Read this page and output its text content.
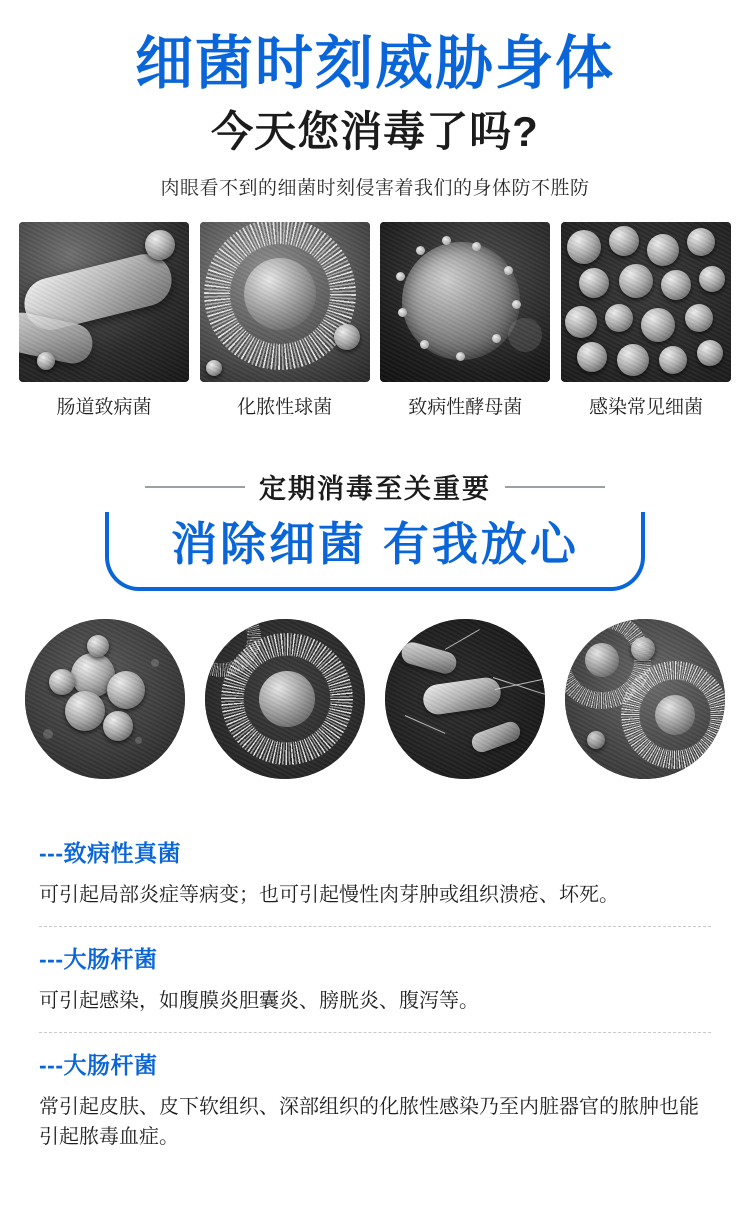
细菌时刻威胁身体
今天您消毒了吗?
肉眼看不到的细菌时刻侵害着我们的身体防不胜防
肠道致病菌	化脓性球菌	致病性酵母菌	感染常见细菌
定期消毒至关重要
消除细菌 有我放心
---致病性真菌
可引起局部炎症等病变；也可引起慢性肉芽肿或组织溃疮、坏死。
---大肠杆菌
可引起感染，如腹膜炎胆囊炎、膀胱炎、腹泻等。
---大肠杆菌
常引起皮肤、皮下软组织、深部组织的化脓性感染乃至内脏器官的脓肿也能引起脓毒血症。
